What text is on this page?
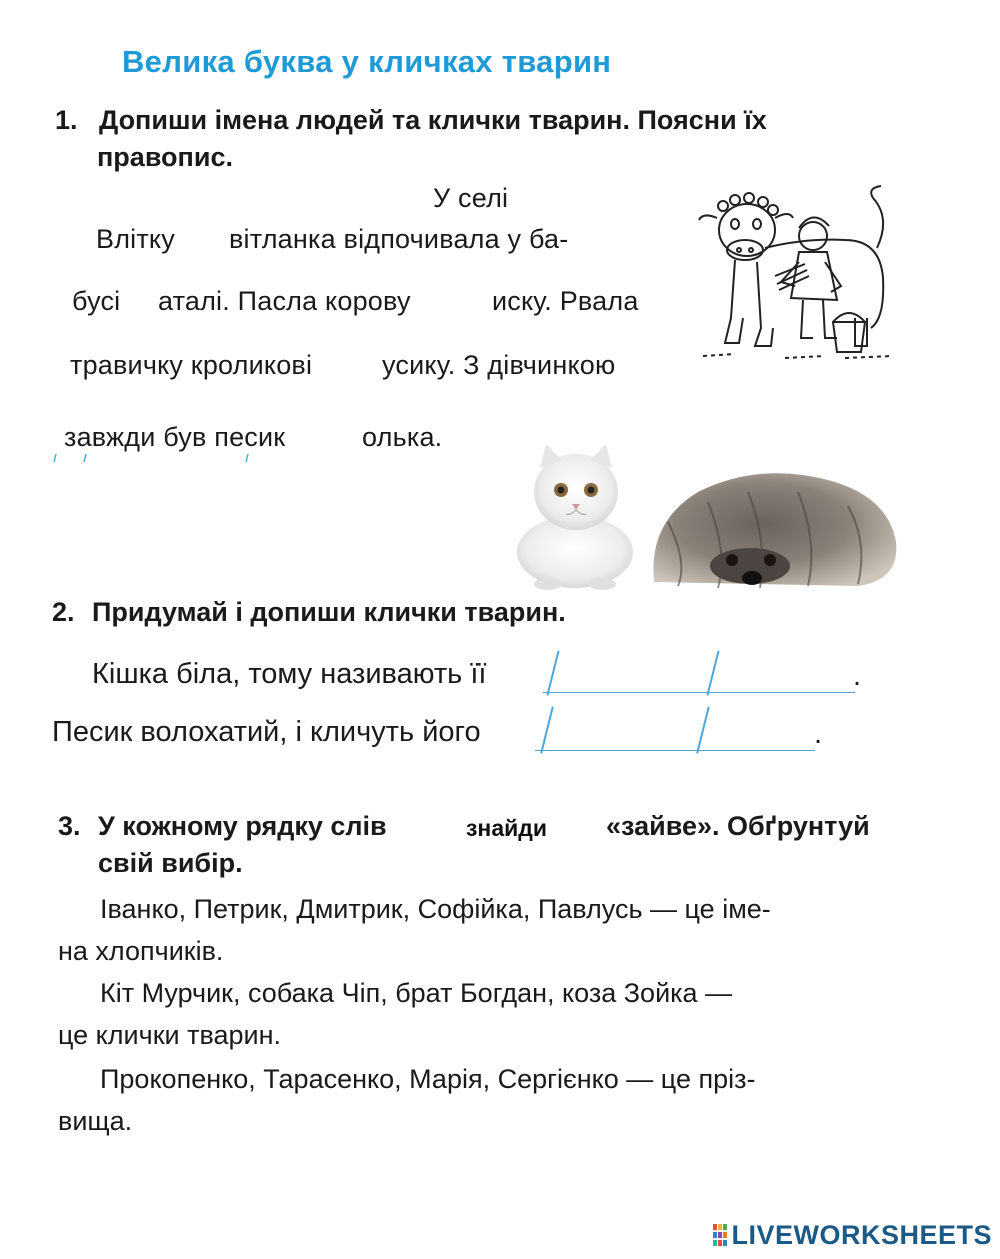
Велика буква у кличках тварин
1. Допиши імена людей та клички тварин. Поясни їх
правопис.
У селі
Влітку вітланка відпочивала у ба-
бусі аталі. Пасла корову	иску. Рвала
травичку кроликові	усику. З дівчинкою
завжди був песик	олька.
2. Придумай і допиши клички тварин.
Кішка біла, тому називають її	.
Песик волохатий, і кличуть його	.
3. У кожному рядку слів	знайди «зайве». Обґрунтуй
свій вибір.
Іванко, Петрик, Дмитрик, Софійка, Павлусь — це іме-
на хлопчиків.
Кіт Мурчик, собака Чіп, брат Богдан, коза Зойка —
це клички тварин.
Прокопенко, Тарасенко, Марія, Сергієнко — це пріз-
вища.
LIVEWORKSHEETS
